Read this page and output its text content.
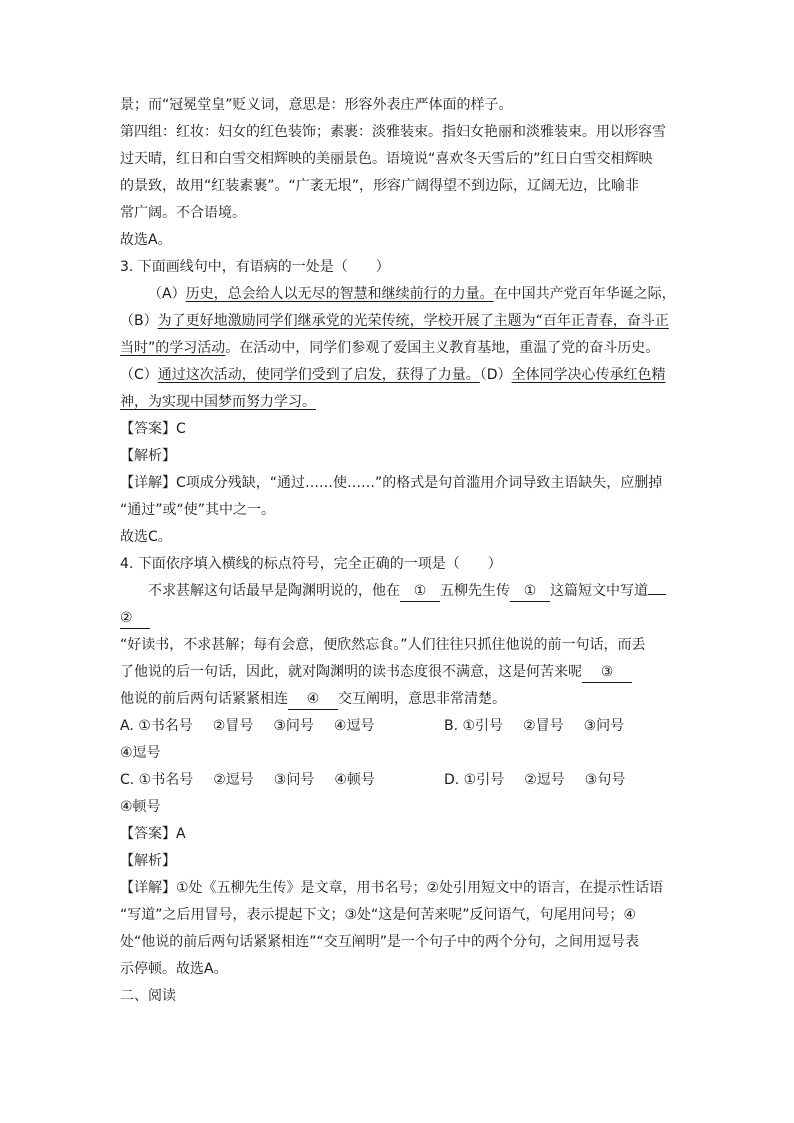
景；而“冠冕堂皇”贬义词，意思是：形容外表庄严体面的样子。
第四组：红妆：妇女的红色装饰；素裹：淡雅装束。指妇女艳丽和淡雅装束。用以形容雪
过天晴，红日和白雪交相辉映的美丽景色。语境说“喜欢冬天雪后的”红日白雪交相辉映
的景致，故用“红装素裹”。“广袤无垠”，形容广阔得望不到边际，辽阔无边，比喻非
常广阔。不合语境。
故选A。
3. 下面画线句中，有语病的一处是（　　）
（A）历史，总会给人以无尽的智慧和继续前行的力量。在中国共产党百年华诞之际，
（B）为了更好地激励同学们继承党的光荣传统，学校开展了主题为“百年正青春，奋斗正
当时”的学习活动。在活动中，同学们参观了爱国主义教育基地，重温了党的奋斗历史。
（C）通过这次活动，使同学们受到了启发，获得了力量。（D）全体同学决心传承红色精
神，为实现中国梦而努力学习。
【答案】C
【解析】
【详解】C项成分残缺，“通过……使……”的格式是句首滥用介词导致主语缺失，应删掉
“通过”或“使”其中之一。
故选C。
4. 下面依序填入横线的标点符号，完全正确的一项是（　　）
不求甚解这句话最早是陶渊明说的，他在 ① 五柳先生传 ① 这篇短文中写道
②
“好读书，不求甚解；每有会意，便欣然忘食。”人们往往只抓住他说的前一句话，而丢
了他说的后一句话，因此，就对陶渊明的读书态度很不满意，这是何苦来呢 ③
他说的前后两句话紧紧相连 ④ 交互阐明，意思非常清楚。
A. ①书名号 ②冒号 ③问号 ④逗号	B. ①引号 ②冒号 ③问号
④逗号
C. ①书名号 ②逗号 ③问号 ④顿号	D. ①引号 ②逗号 ③句号
④顿号
【答案】A
【解析】
【详解】①处《五柳先生传》是文章，用书名号；②处引用短文中的语言，在提示性话语
“写道”之后用冒号，表示提起下文；③处“这是何苦来呢”反问语气，句尾用问号；④
处“他说的前后两句话紧紧相连”“交互阐明”是一个句子中的两个分句，之间用逗号表
示停顿。故选A。
二、阅读
